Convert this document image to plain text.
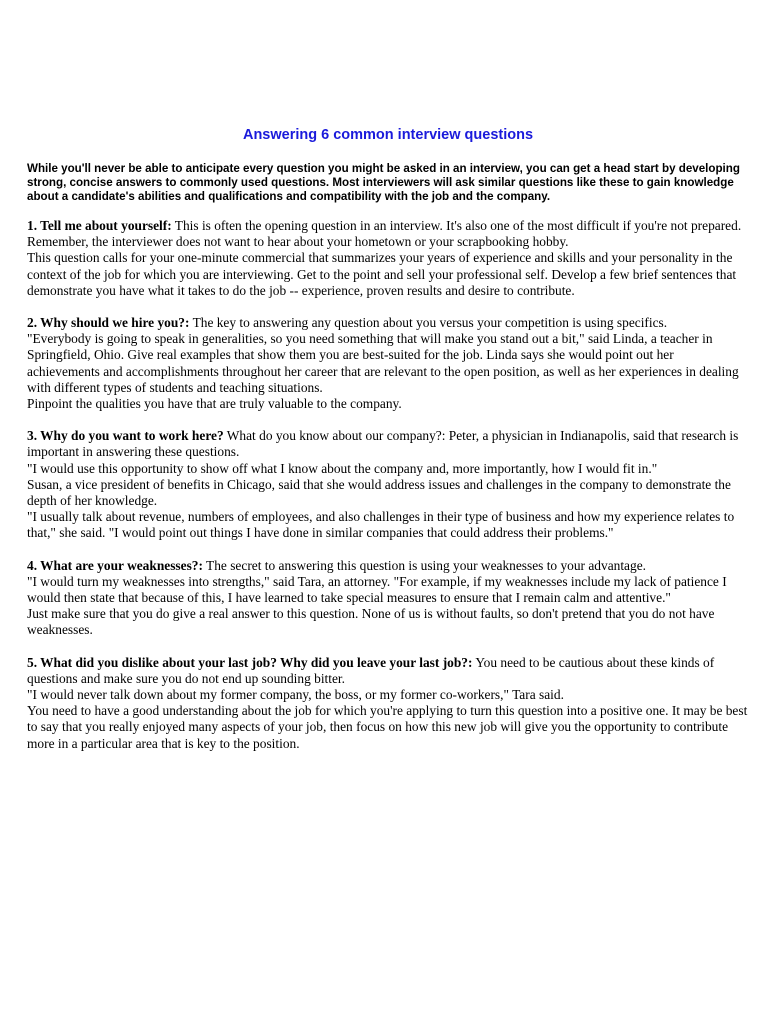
Answering 6 common interview questions

While you'll never be able to anticipate every question you might be asked in an interview, you can get a head start by developing strong, concise answers to commonly used questions. Most interviewers will ask similar questions like these to gain knowledge about a candidate's abilities and qualifications and compatibility with the job and the company.

1. Tell me about yourself: This is often the opening question in an interview. It's also one of the most difficult if you're not prepared. Remember, the interviewer does not want to hear about your hometown or your scrapbooking hobby.

This question calls for your one-minute commercial that summarizes your years of experience and skills and your personality in the context of the job for which you are interviewing. Get to the point and sell your professional self. Develop a few brief sentences that demonstrate you have what it takes to do the job -- experience, proven results and desire to contribute.

2. Why should we hire you?: The key to answering any question about you versus your competition is using specifics.

"Everybody is going to speak in generalities, so you need something that will make you stand out a bit," said Linda, a teacher in Springfield, Ohio. Give real examples that show them you are best-suited for the job. Linda says she would point out her achievements and accomplishments throughout her career that are relevant to the open position, as well as her experiences in dealing with different types of students and teaching situations.

Pinpoint the qualities you have that are truly valuable to the company.

3. Why do you want to work here? What do you know about our company?: Peter, a physician in Indianapolis, said that research is important in answering these questions.

"I would use this opportunity to show off what I know about the company and, more importantly, how I would fit in."

Susan, a vice president of benefits in Chicago, said that she would address issues and challenges in the company to demonstrate the depth of her knowledge.

"I usually talk about revenue, numbers of employees, and also challenges in their type of business and how my experience relates to that," she said. "I would point out things I have done in similar companies that could address their problems."

4. What are your weaknesses?: The secret to answering this question is using your weaknesses to your advantage.

"I would turn my weaknesses into strengths," said Tara, an attorney. "For example, if my weaknesses include my lack of patience I would then state that because of this, I have learned to take special measures to ensure that I remain calm and attentive."

Just make sure that you do give a real answer to this question. None of us is without faults, so don't pretend that you do not have weaknesses.

5. What did you dislike about your last job? Why did you leave your last job?: You need to be cautious about these kinds of questions and make sure you do not end up sounding bitter.

"I would never talk down about my former company, the boss, or my former co-workers," Tara said.

You need to have a good understanding about the job for which you're applying to turn this question into a positive one. It may be best to say that you really enjoyed many aspects of your job, then focus on how this new job will give you the opportunity to contribute more in a particular area that is key to the position.
